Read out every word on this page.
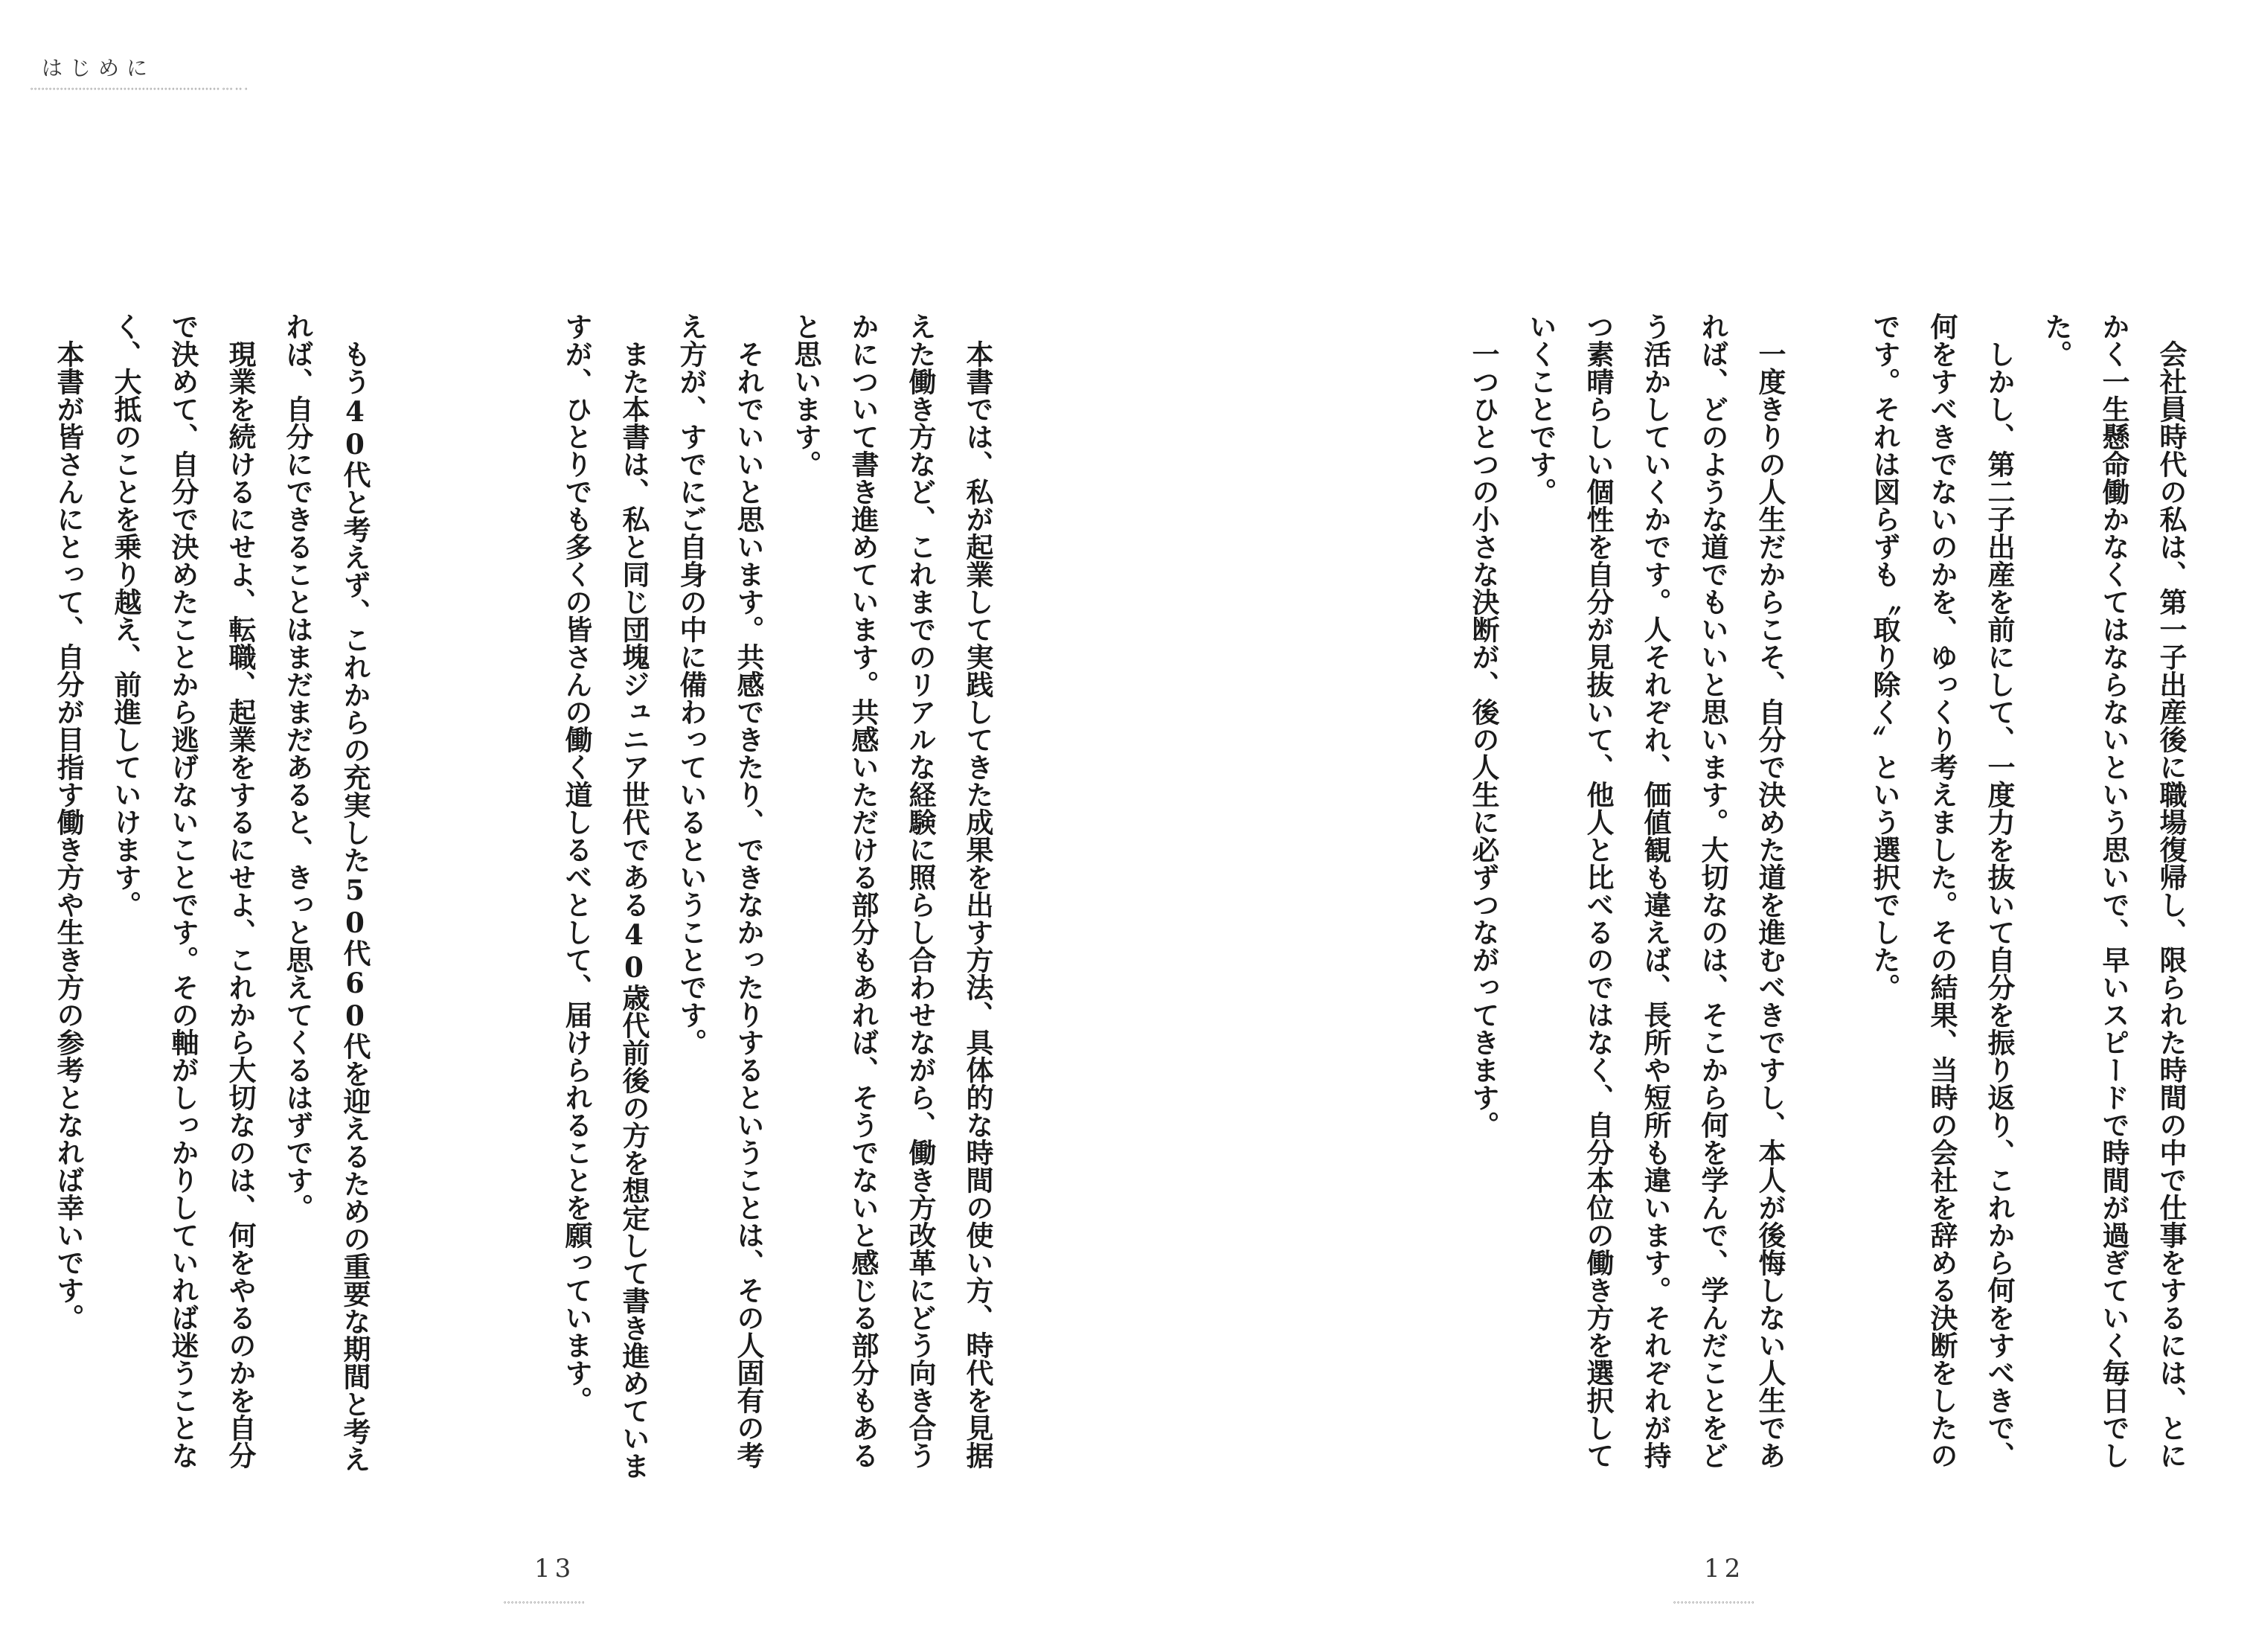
はじめに
∘∘∘∘∘∘∘∘∘∘∘∘∘∘∘∘∘∘∘∘∘∘∘∘∘∘∘∘∘∘∘∘∘∘∘∘∘∘∘∘∘∘∘∘∘∘∘∘∘∘∘ ∘∘∘ ∘∘ ∘

本書では、私が起業して実践してきた成果を出す方法、具体的な時間の使い方、時代を見据えた働き方など、これまでのリアルな経験に照らし合わせながら、働き方改革にどう向き合うかについて書き進めています。共感いただける部分もあれば、そうでないと感じる部分もあると思います。

それでいいと思います。共感できたり、できなかったりするということは、その人固有の考え方が、すでにご自身の中に備わっているということです。

また本書は、私と同じ団塊ジュニア世代である40歳代前後の方を想定して書き進めていますが、ひとりでも多くの皆さんの働く道しるべとして、届けられることを願っています。

もう40代と考えず、これからの充実した50代60代を迎えるための重要な期間と考えれば、自分にできることはまだまだあると、きっと思えてくるはずです。

現業を続けるにせよ、転職、起業をするにせよ、これから大切なのは、何をやるのかを自分で決めて、自分で決めたことから逃げないことです。その軸がしっかりしていれば迷うことなく、大抵のことを乗り越え、前進していけます。

本書が皆さんにとって、自分が目指す働き方や生き方の参考となれば幸いです。

13
∘∘∘∘∘∘∘∘∘∘∘∘∘∘∘∘∘∘∘∘∘∘

会社員時代の私は、第一子出産後に職場復帰し、限られた時間の中で仕事をするには、とにかく一生懸命働かなくてはならないという思いで、早いスピードで時間が過ぎていく毎日でした。

しかし、第二子出産を前にして、一度力を抜いて自分を振り返り、これから何をすべきで、何をすべきでないのかを、ゆっくり考えました。その結果、当時の会社を辞める決断をしたのです。それは図らずも〝取り除く〟という選択でした。

一度きりの人生だからこそ、自分で決めた道を進むべきですし、本人が後悔しない人生であれば、どのような道でもいいと思います。大切なのは、そこから何を学んで、学んだことをどう活かしていくかです。人それぞれ、価値観も違えば、長所や短所も違います。それぞれが持つ素晴らしい個性を自分が見抜いて、他人と比べるのではなく、自分本位の働き方を選択していくことです。

一つひとつの小さな決断が、後の人生に必ずつながってきます。

12
∘∘∘∘∘∘∘∘∘∘∘∘∘∘∘∘∘∘∘∘∘∘
